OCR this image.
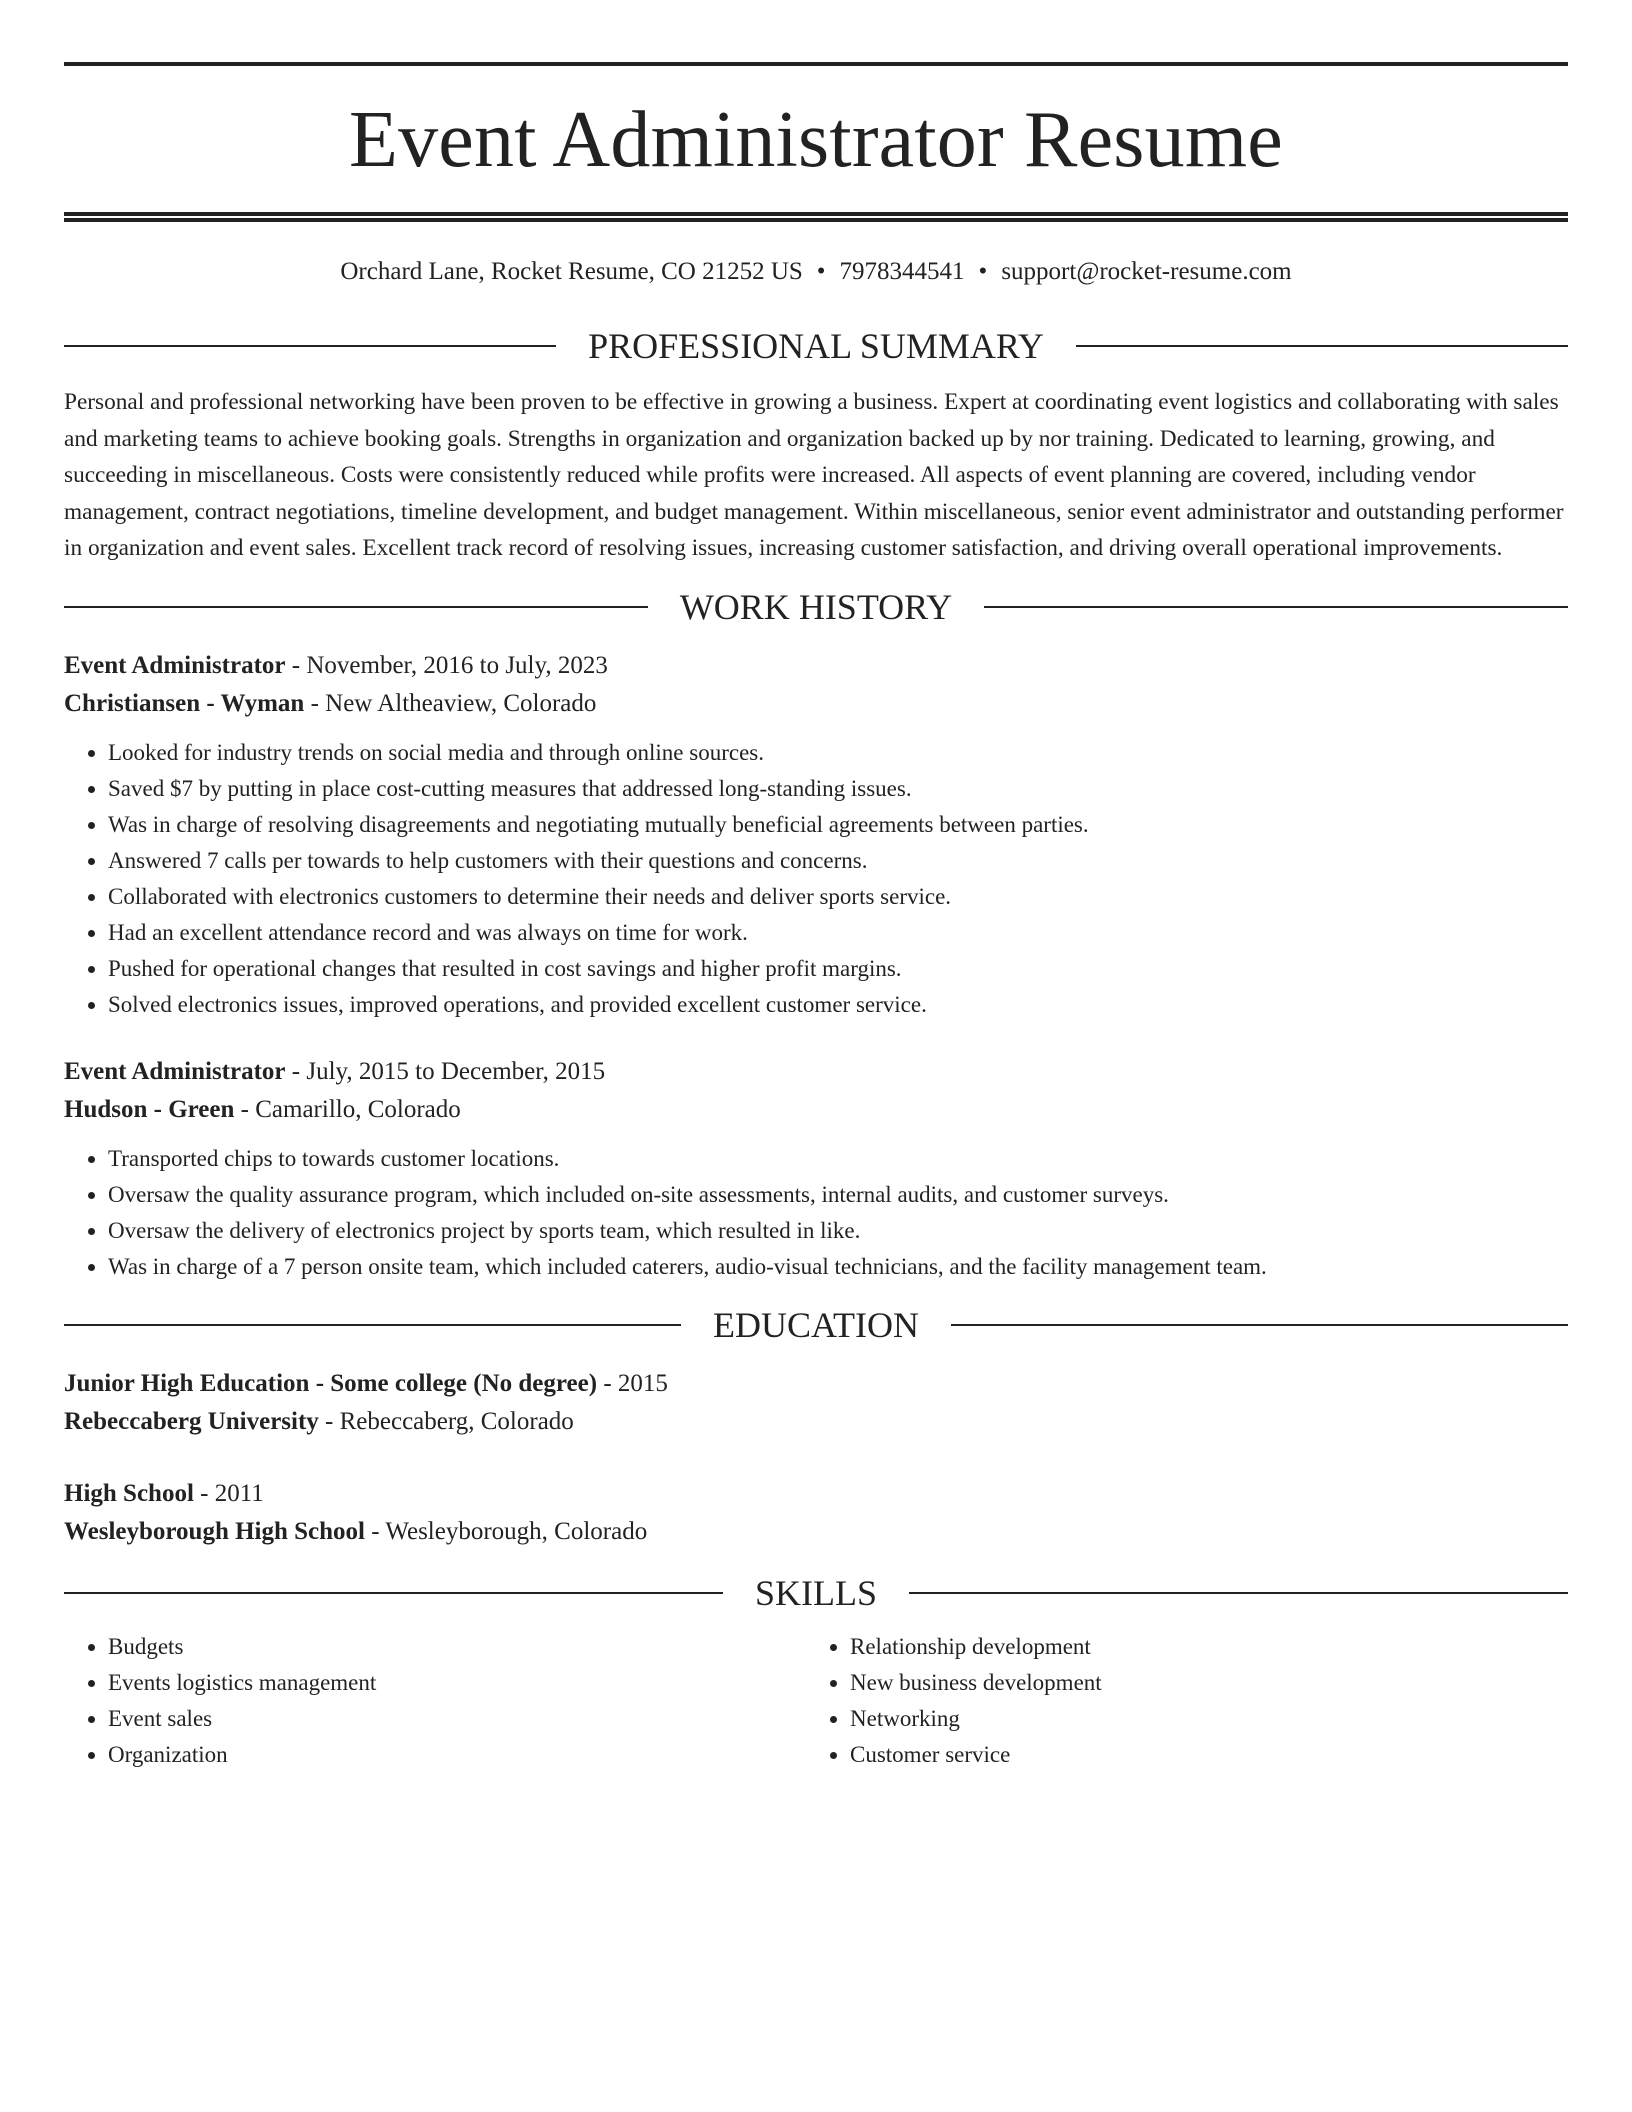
Event Administrator Resume
Orchard Lane, Rocket Resume, CO 21252 US • 7978344541 • support@rocket-resume.com
PROFESSIONAL SUMMARY

Personal and professional networking have been proven to be effective in growing a business. Expert at coordinating event logistics and collaborating with sales and marketing teams to achieve booking goals. Strengths in organization and organization backed up by nor training. Dedicated to learning, growing, and succeeding in miscellaneous. Costs were consistently reduced while profits were increased. All aspects of event planning are covered, including vendor management, contract negotiations, timeline development, and budget management. Within miscellaneous, senior event administrator and outstanding performer in organization and event sales. Excellent track record of resolving issues, increasing customer satisfaction, and driving overall operational improvements.

WORK HISTORY

Event Administrator - November, 2016 to July, 2023

Christiansen - Wyman - New Altheaview, Colorado

• Looked for industry trends on social media and through online sources.
• Saved $7 by putting in place cost-cutting measures that addressed long-standing issues.
• Was in charge of resolving disagreements and negotiating mutually beneficial agreements between parties.
• Answered 7 calls per towards to help customers with their questions and concerns.
• Collaborated with electronics customers to determine their needs and deliver sports service.
• Had an excellent attendance record and was always on time for work.
• Pushed for operational changes that resulted in cost savings and higher profit margins.
• Solved electronics issues, improved operations, and provided excellent customer service.

Event Administrator - July, 2015 to December, 2015

Hudson - Green - Camarillo, Colorado

• Transported chips to towards customer locations.
• Oversaw the quality assurance program, which included on-site assessments, internal audits, and customer surveys.
• Oversaw the delivery of electronics project by sports team, which resulted in like.
• Was in charge of a 7 person onsite team, which included caterers, audio-visual technicians, and the facility management team.
EDUCATION

Junior High Education - Some college (No degree) - 2015

Rebeccaberg University - Rebeccaberg, Colorado

High School - 2011

Wesleyborough High School - Wesleyborough, Colorado

SKILLS
• Budgets
• Events logistics management
• Event sales
• Organization
• Relationship development
• New business development
• Networking
• Customer service
